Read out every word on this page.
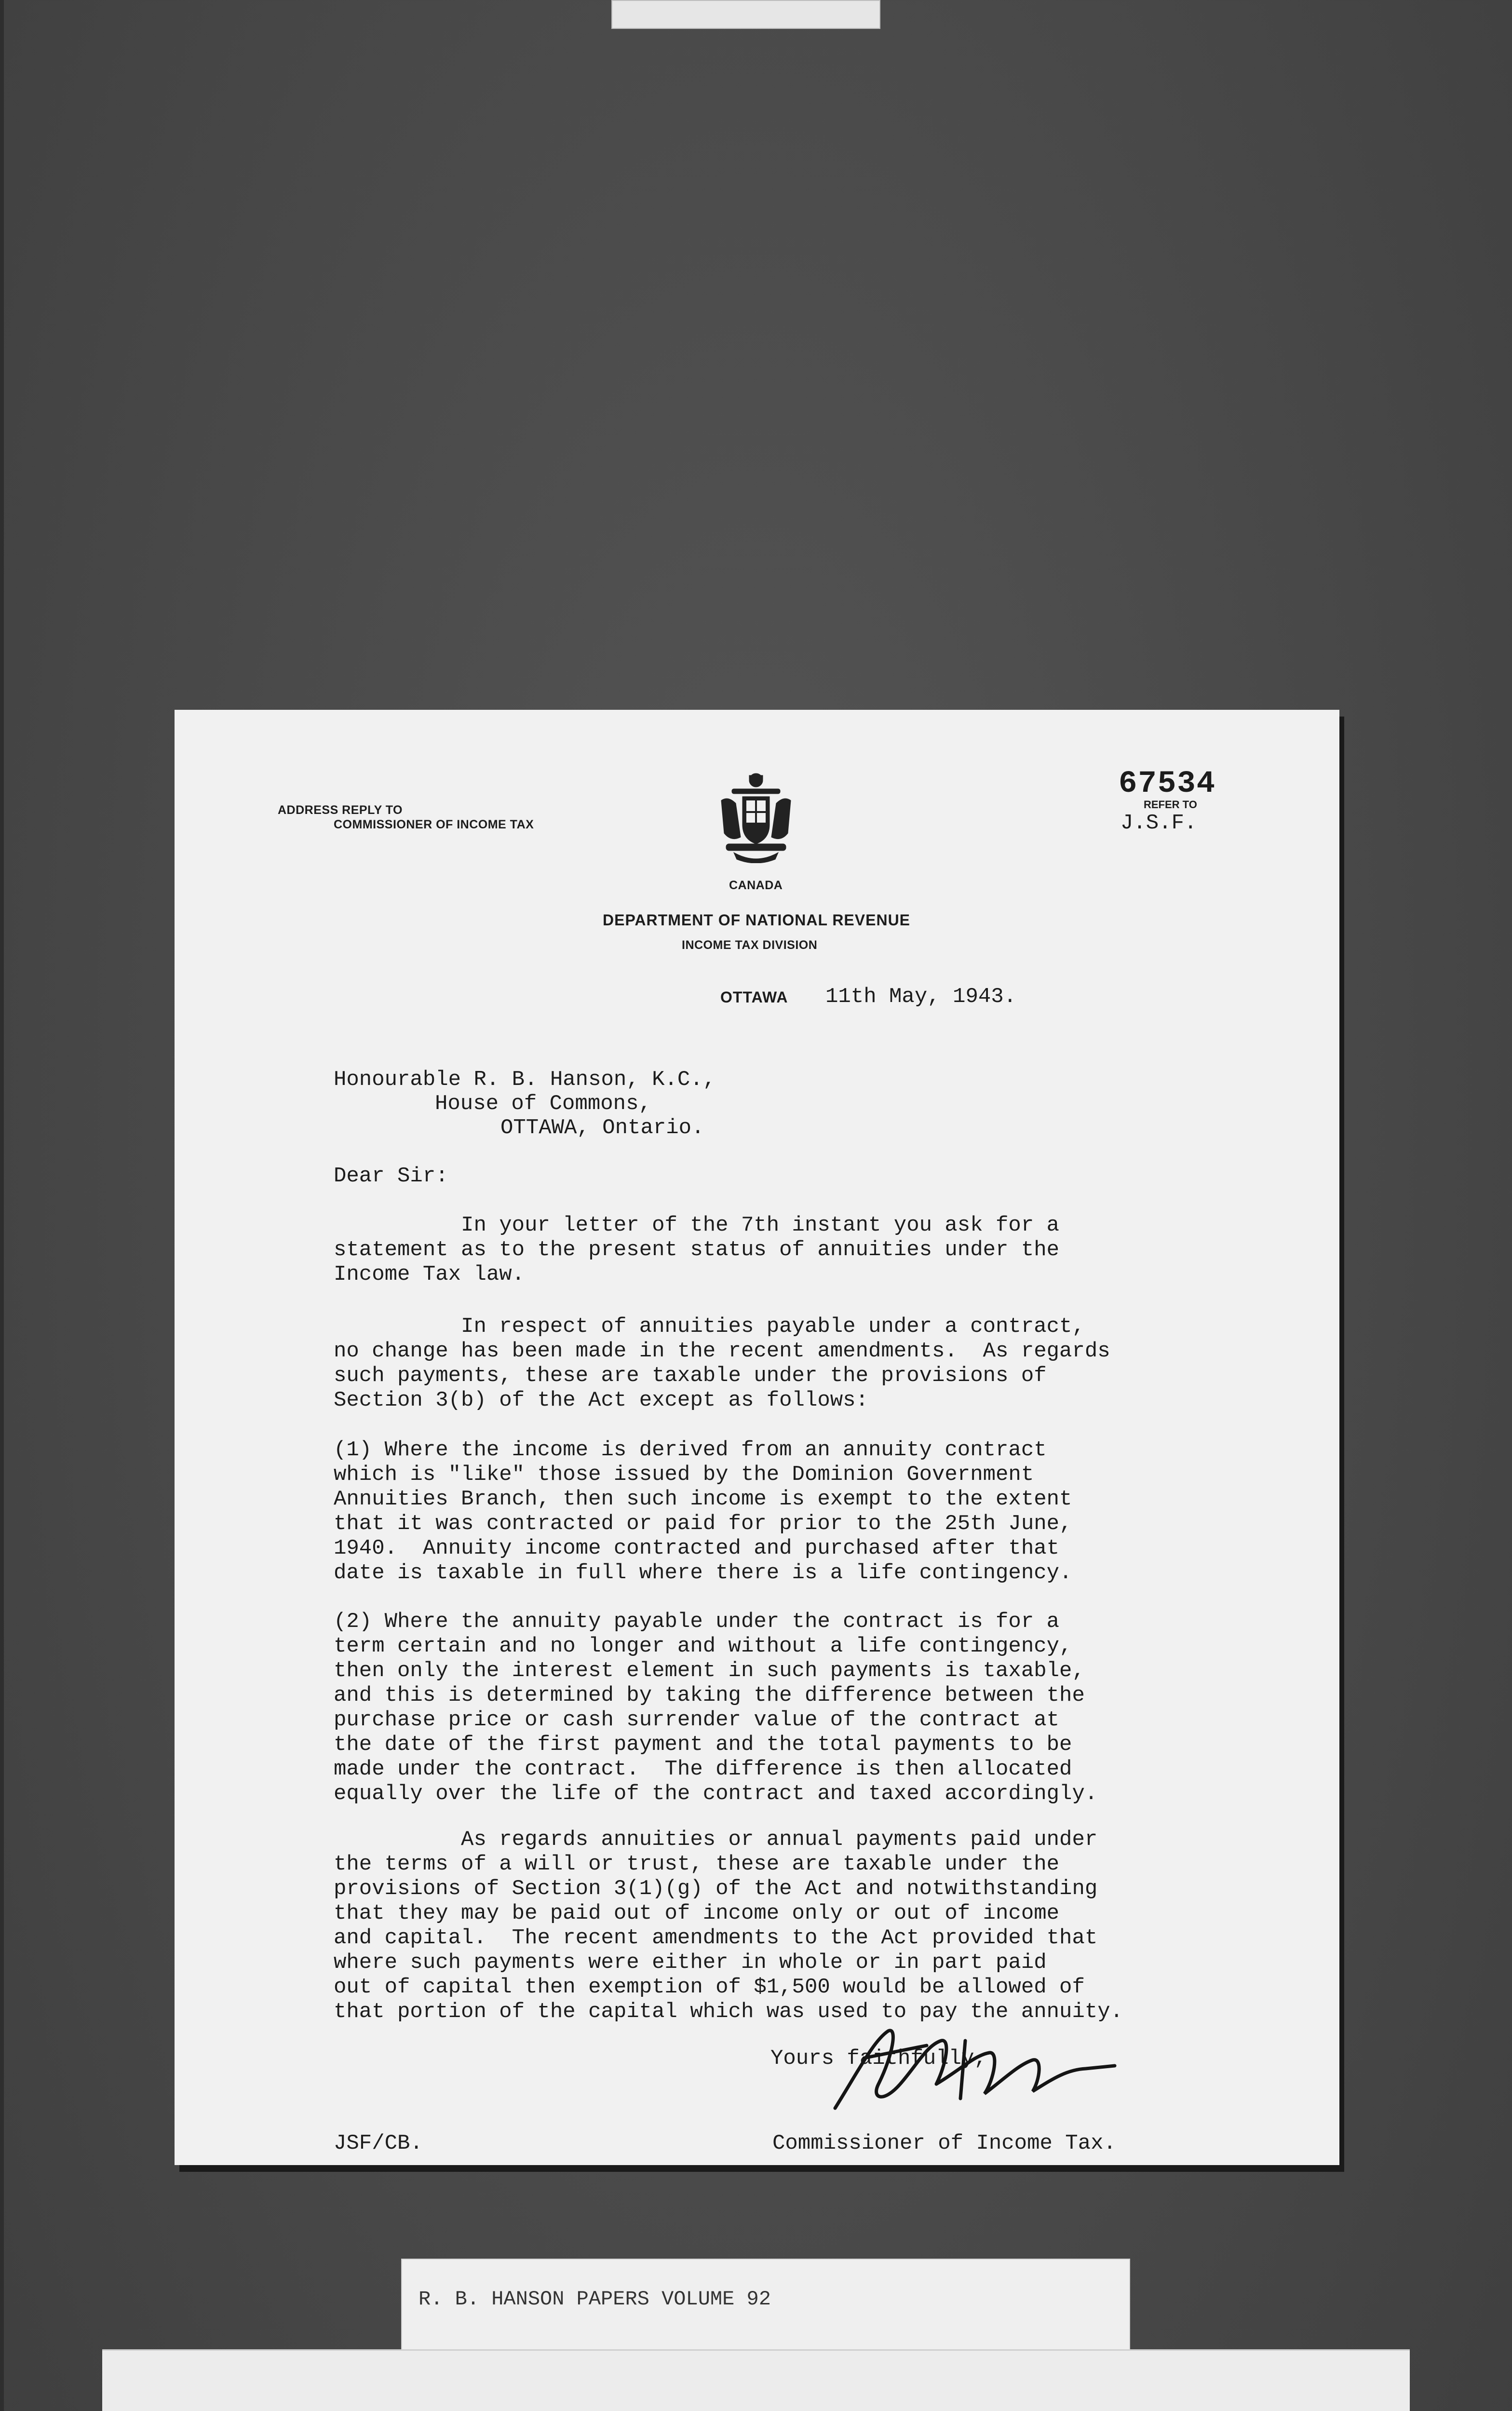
ADDRESS REPLY TO
COMMISSIONER OF INCOME TAX
CANADA
DEPARTMENT OF NATIONAL REVENUE
INCOME TAX DIVISION
67534
REFER TO
J.S.F.
OTTAWA 11th May, 1943.
Honourable R. B. Hanson, K.C.,
House of Commons,
OTTAWA, Ontario.
Dear Sir:
In your letter of the 7th instant you ask for a
statement as to the present status of annuities under the
Income Tax law.
In respect of annuities payable under a contract,
no change has been made in the recent amendments.  As regards
such payments, these are taxable under the provisions of
Section 3(b) of the Act except as follows:
(1) Where the income is derived from an annuity contract
which is "like" those issued by the Dominion Government
Annuities Branch, then such income is exempt to the extent
that it was contracted or paid for prior to the 25th June,
1940.  Annuity income contracted and purchased after that
date is taxable in full where there is a life contingency.
(2) Where the annuity payable under the contract is for a
term certain and no longer and without a life contingency,
then only the interest element in such payments is taxable,
and this is determined by taking the difference between the
purchase price or cash surrender value of the contract at
the date of the first payment and the total payments to be
made under the contract.  The difference is then allocated
equally over the life of the contract and taxed accordingly.
As regards annuities or annual payments paid under
the terms of a will or trust, these are taxable under the
provisions of Section 3(1)(g) of the Act and notwithstanding
that they may be paid out of income only or out of income
and capital.  The recent amendments to the Act provided that
where such payments were either in whole or in part paid
out of capital then exemption of $1,500 would be allowed of
that portion of the capital which was used to pay the annuity.
Yours faithfully,
JSF/CB.	Commissioner of Income Tax.
R. B. HANSON PAPERS VOLUME 92
